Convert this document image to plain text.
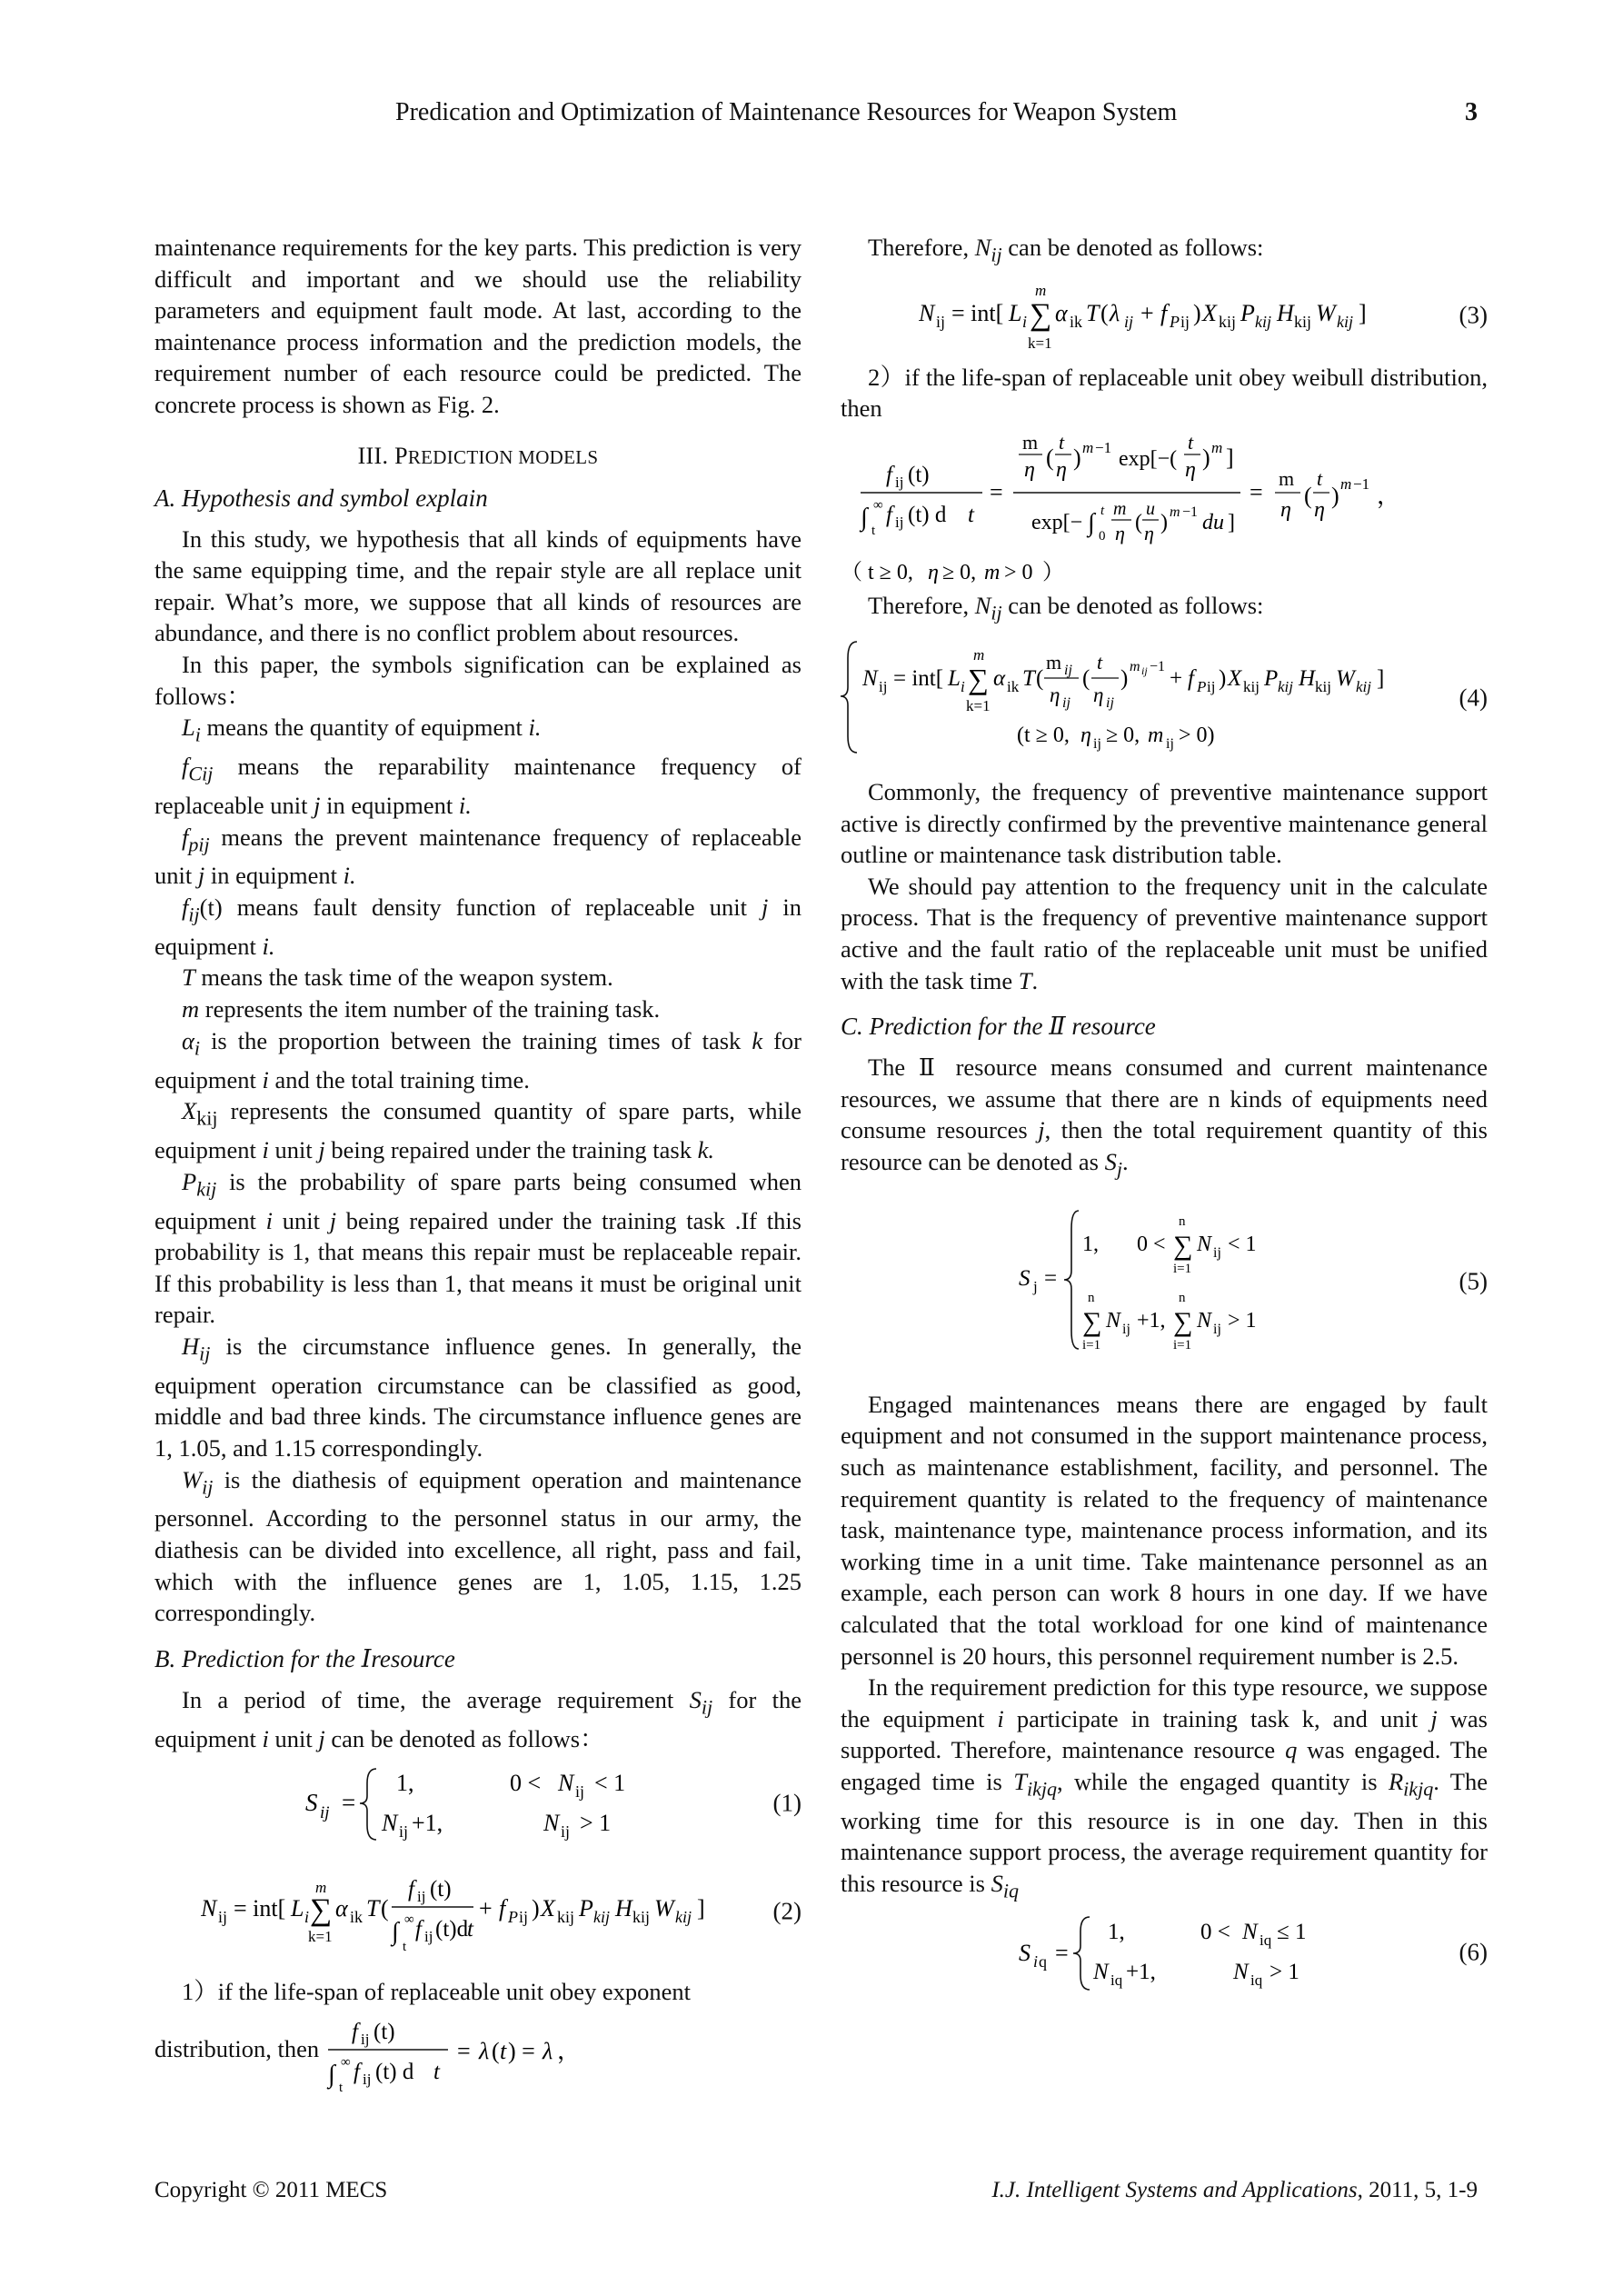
Predication and Optimization of Maintenance Resources for Weapon System	3

maintenance requirements for the key parts. This prediction is very difficult and important and we should use the reliability parameters and equipment fault mode. At last, according to the maintenance process information and the prediction models, the requirement number of each resource could be predicted. The concrete process is shown as Fig. 2.

III. PREDICTION MODELS
A. Hypothesis and symbol explain

In this study, we hypothesis that all kinds of equipments have the same equipping time, and the repair style are all replace unit repair. What’s more, we suppose that all kinds of resources are abundance, and there is no conflict problem about resources.

In this paper, the symbols signification can be explained as follows：

$L_i$ means the quantity of equipment i.

$f_{Cij}$ means the reparability maintenance frequency of replaceable unit j in equipment i.

$f_{pij}$ means the prevent maintenance frequency of replaceable unit j in equipment i.

$f_{ij}(t)$ means fault density function of replaceable unit j in equipment i.

T means the task time of the weapon system.

m represents the item number of the training task.

$\alpha_i$ is the proportion between the training times of task k for equipment i and the total training time.

$X_{kij}$ represents the consumed quantity of spare parts, while equipment i unit j being repaired under the training task k.

$P_{kij}$ is the probability of spare parts being consumed when equipment i unit j being repaired under the training task .If this probability is 1, that means this repair must be replaceable repair. If this probability is less than 1, that means it must be original unit repair.

$H_{ij}$ is the circumstance influence genes. In generally, the equipment operation circumstance can be classified as good, middle and bad three kinds. The circumstance influence genes are 1, 1.05, and 1.15 correspondingly.

$W_{ij}$ is the diathesis of equipment operation and maintenance personnel. According to the personnel status in our army, the diathesis can be divided into excellence, all right, pass and fail, which with the influence genes are 1, 1.05, 1.15, 1.25 correspondingly.

B. Prediction for the Ⅰresource

In a period of time, the average requirement $S_{ij}$ for the equipment i unit j can be denoted as follows：

S ij =
1,	0 < N ij < 1
N ij +1,	N ij > 1
(1)
N ij = int[ L i
m
∑
k=1
α ik T (
f ij (t)
∫ ∞
t
f ij (t)d
t
+ f P ij ) X kij P kij H kij W kij ]	(2)

1）if the life-span of replaceable unit obey exponent

distribution, then
f ij (t)
∫ ∞
t
f ij (t) d t
= λ ( t ) = λ ，

Therefore, $N_{ij}$ can be denoted as follows:

N ij = int[ L i
m
∑
k=1
α ik T ( λ ij + f P ij ) X kij P kij H kij W kij ]	(3)

2）if the life-span of replaceable unit obey weibull distribution, then

f ij (t)
∫ ∞
t
f ij (t) d t
=
m
η (
t
η ) m −1 exp[−(
t
η ) m ]
exp[− ∫ t
0
m
η (
u
η ) m −1 du ]
=
m
η
(
t
η
) m −1 ，
（ t ≥ 0, η ≥ 0, m > 0 ）

Therefore, $N_{ij}$ can be denoted as follows:

N ij = int[ L i
m
∑
k=1
α ik T (
m ij
η ij
(
t
η ij
) m ij −1 + f P ij ) X kij P kij H kij W kij ]
(t ≥ 0, η ij ≥ 0, m ij > 0)
(4)

Commonly, the frequency of preventive maintenance support active is directly confirmed by the preventive maintenance general outline or maintenance task distribution table.

We should pay attention to the frequency unit in the calculate process. That is the frequency of preventive maintenance support active and the fault ratio of the replaceable unit must be unified with the task time T.

C. Prediction for the Ⅱ resource

The Ⅱ resource means consumed and current maintenance resources, we assume that there are n kinds of equipments need consume resources j, then the total requirement quantity of this resource can be denoted as $S_j$.

S j =
1, 0 <
n
∑
i=1
N ij < 1
n
∑
i=1
N ij +1,
n
∑
i=1
N ij > 1
(5)

Engaged maintenances means there are engaged by fault equipment and not consumed in the support maintenance process, such as maintenance establishment, facility, and personnel. The requirement quantity is related to the frequency of maintenance task, maintenance type, maintenance process information, and its working time in a unit time. Take maintenance personnel as an example, each person can work 8 hours in one day. If we have calculated that the total workload for one kind of maintenance personnel is 20 hours, this personnel requirement number is 2.5.

In the requirement prediction for this type resource, we suppose the equipment i participate in training task k, and unit j was supported. Therefore, maintenance resource q was engaged. The engaged time is $T_{ikjq}$, while the engaged quantity is $R_{ikjq}$. The working time for this resource is in one day. Then in this maintenance support process, the average requirement quantity for this resource is $S_{iq}$

S i q =
1,	0 < N iq ≤ 1
N iq +1,	N iq > 1
(6)
Copyright © 2011 MECS	I.J. Intelligent Systems and Applications, 2011, 5, 1-9
